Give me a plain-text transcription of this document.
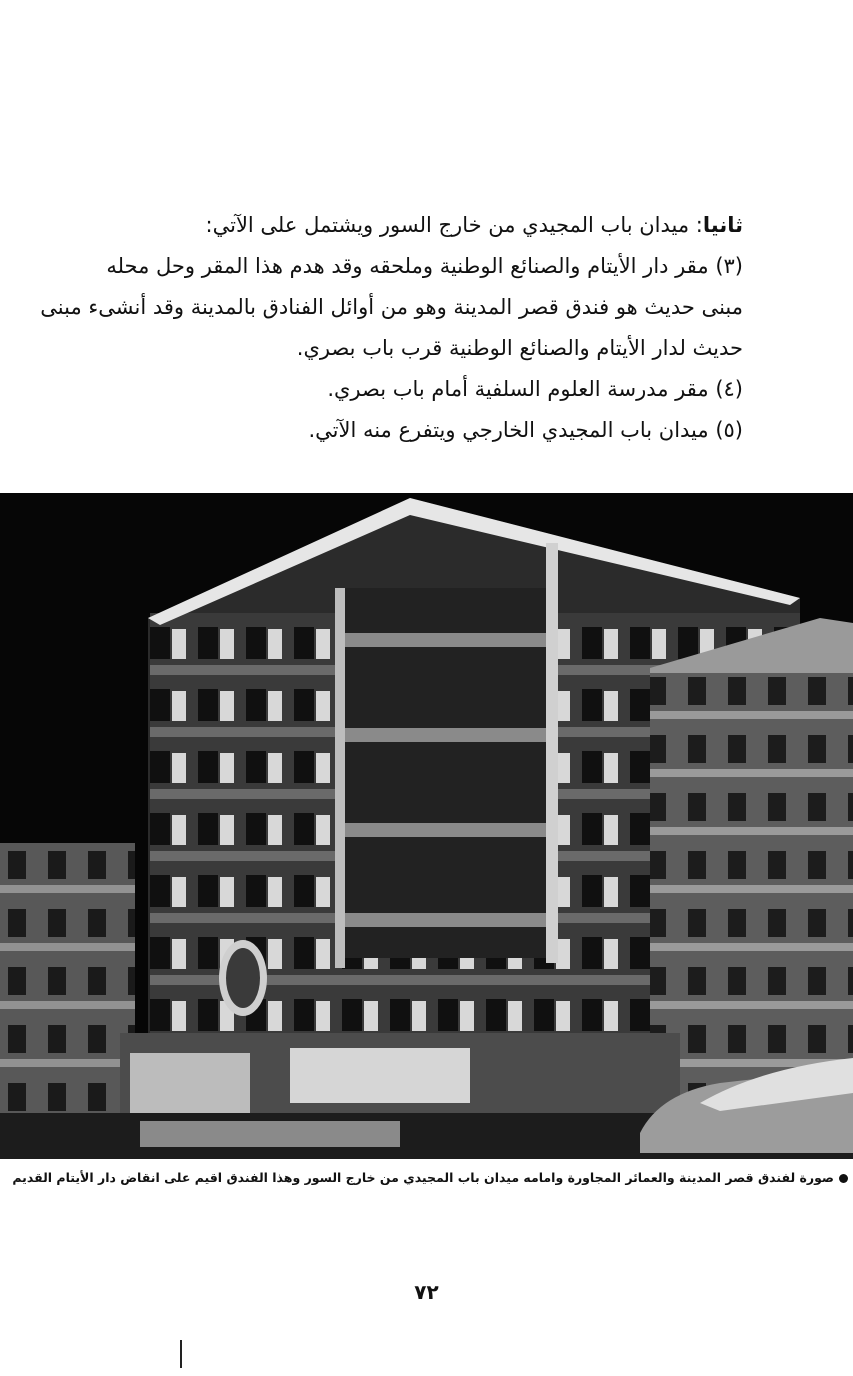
ثانيا: ميدان باب المجيدي من خارج السور ويشتمل على الآتي:
(٣) مقر دار الأيتام والصنائع الوطنية وملحقه وقد هدم هذا المقر وحل محله
مبنى حديث هو فندق قصر المدينة وهو من أوائل الفنادق بالمدينة وقد أنشىء مبنى
حديث لدار الأيتام والصنائع الوطنية قرب باب بصري.
(٤) مقر مدرسة العلوم السلفية أمام باب بصري.
(٥) ميدان باب المجيدي الخارجي ويتفرع منه الآتي.
صورة لفندق قصر المدينة والعمائر المجاورة وامامه ميدان باب المجيدي من خارج السور وهذا الفندق اقيم على انقاض دار الأيتام القديم
٧٢
